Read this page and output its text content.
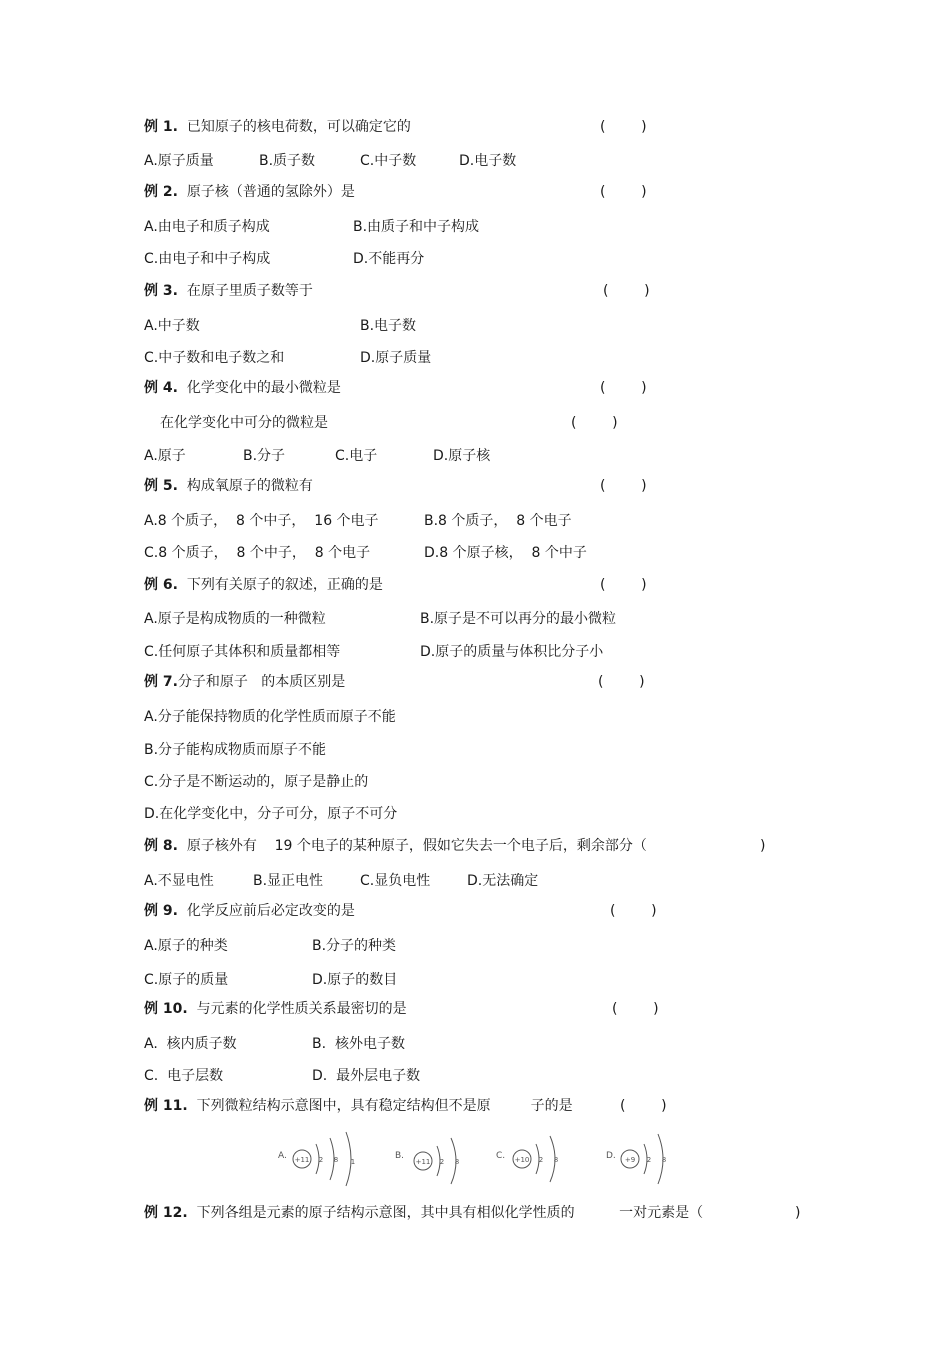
例 1. 已知原子的核电荷数，可以确定它的	(        )
A.原子质量	B.质子数	C.中子数	D.电子数
例 2. 原子核（普通的氢除外）是	(        )
A.由电子和质子构成	B.由质子和中子构成
C.由电子和中子构成	D.不能再分
例 3. 在原子里质子数等于	(        )
A.中子数	B.电子数
C.中子数和电子数之和	D.原子质量
例 4. 化学变化中的最小微粒是	(        )
在化学变化中可分的微粒是	(        )
A.原子	B.分子	C.电子	D.原子核
例 5. 构成氧原子的微粒有	(        )
A.8 个质子，  8 个中子，  16 个电子	B.8 个质子，  8 个电子
C.8 个质子，  8 个中子，  8 个电子	D.8 个原子核，  8 个中子
例 6. 下列有关原子的叙述，正确的是	(        )
A.原子是构成物质的一种微粒	B.原子是不可以再分的最小微粒
C.任何原子其体积和质量都相等	D.原子的质量与体积比分子小
例 7.分子和原子   的本质区别是	(        )
A.分子能保持物质的化学性质而原子不能
B.分子能构成物质而原子不能
C.分子是不断运动的，原子是静止的
D.在化学变化中，分子可分，原子不可分
例 8. 原子核外有    19 个电子的某种原子，假如它失去一个电子后，剩余部分（	)
A.不显电性	B.显正电性	C.显负电性	D.无法确定
例 9. 化学反应前后必定改变的是	(        )
A.原子的种类	B.分子的种类
C.原子的质量	D.原子的数目
例 10. 与元素的化学性质关系最密切的是	(        )
A.  核内质子数	B.  核外电子数
C.  电子层数	D.  最外层电子数
例 11. 下列微粒结构示意图中，具有稳定结构但不是原         子的是	(        )
A. +11 2 8 1
B.
+11 2 8
C. +10 2 8	D. +9 2 8
例 12. 下列各组是元素的原子结构示意图，其中具有相似化学性质的          一对元素是（	)
